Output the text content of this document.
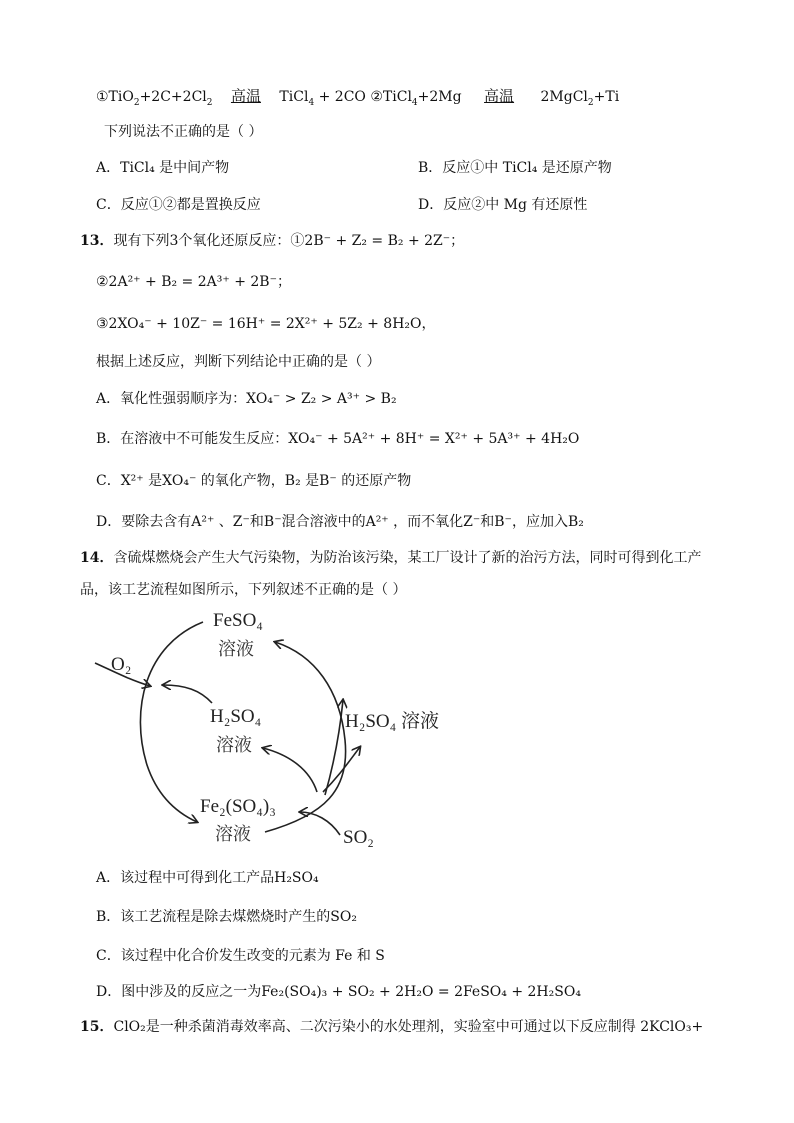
$①TiO_2+2C+2Cl_2$ 高温 TiCl$_4$ + 2CO ②TiCl$_4$+2Mg 高温 2MgCl$_2$+Ti
下列说法不正确的是（ ）
A．TiCl₄ 是中间产物	B．反应①中 TiCl₄ 是还原产物
C．反应①②都是置换反应	D．反应②中 Mg 有还原性
13．现有下列3个氧化还原反应：①2B⁻ + Z₂ = B₂ + 2Z⁻；
②2A²⁺ + B₂ = 2A³⁺ + 2B⁻；
③2XO₄⁻ + 10Z⁻ = 16H⁺ = 2X²⁺ + 5Z₂ + 8H₂O，
根据上述反应，判断下列结论中正确的是（ ）
A．氧化性强弱顺序为：XO₄⁻ > Z₂ > A³⁺ > B₂
B．在溶液中不可能发生反应：XO₄⁻ + 5A²⁺ + 8H⁺ = X²⁺ + 5A³⁺ + 4H₂O
C．X²⁺ 是XO₄⁻ 的氧化产物，B₂ 是B⁻ 的还原产物
D．要除去含有A²⁺ 、Z⁻和B⁻混合溶液中的A²⁺ ，而不氧化Z⁻和B⁻，应加入B₂
14．含硫煤燃烧会产生大气污染物，为防治该污染，某工厂设计了新的治污方法，同时可得到化工产
品，该工艺流程如图所示，下列叙述不正确的是（ ）
FeSO₄
溶液
O₂
H₂SO₄
溶液
H₂SO₄ 溶液
Fe₂(SO₄)₃
溶液	SO₂
A．该过程中可得到化工产品H₂SO₄
B．该工艺流程是除去煤燃烧时产生的SO₂
C．该过程中化合价发生改变的元素为 Fe 和 S
D．图中涉及的反应之一为Fe₂(SO₄)₃ + SO₂ + 2H₂O = 2FeSO₄ + 2H₂SO₄
15．ClO₂是一种杀菌消毒效率高、二次污染小的水处理剂，实验室中可通过以下反应制得 2KClO₃+
